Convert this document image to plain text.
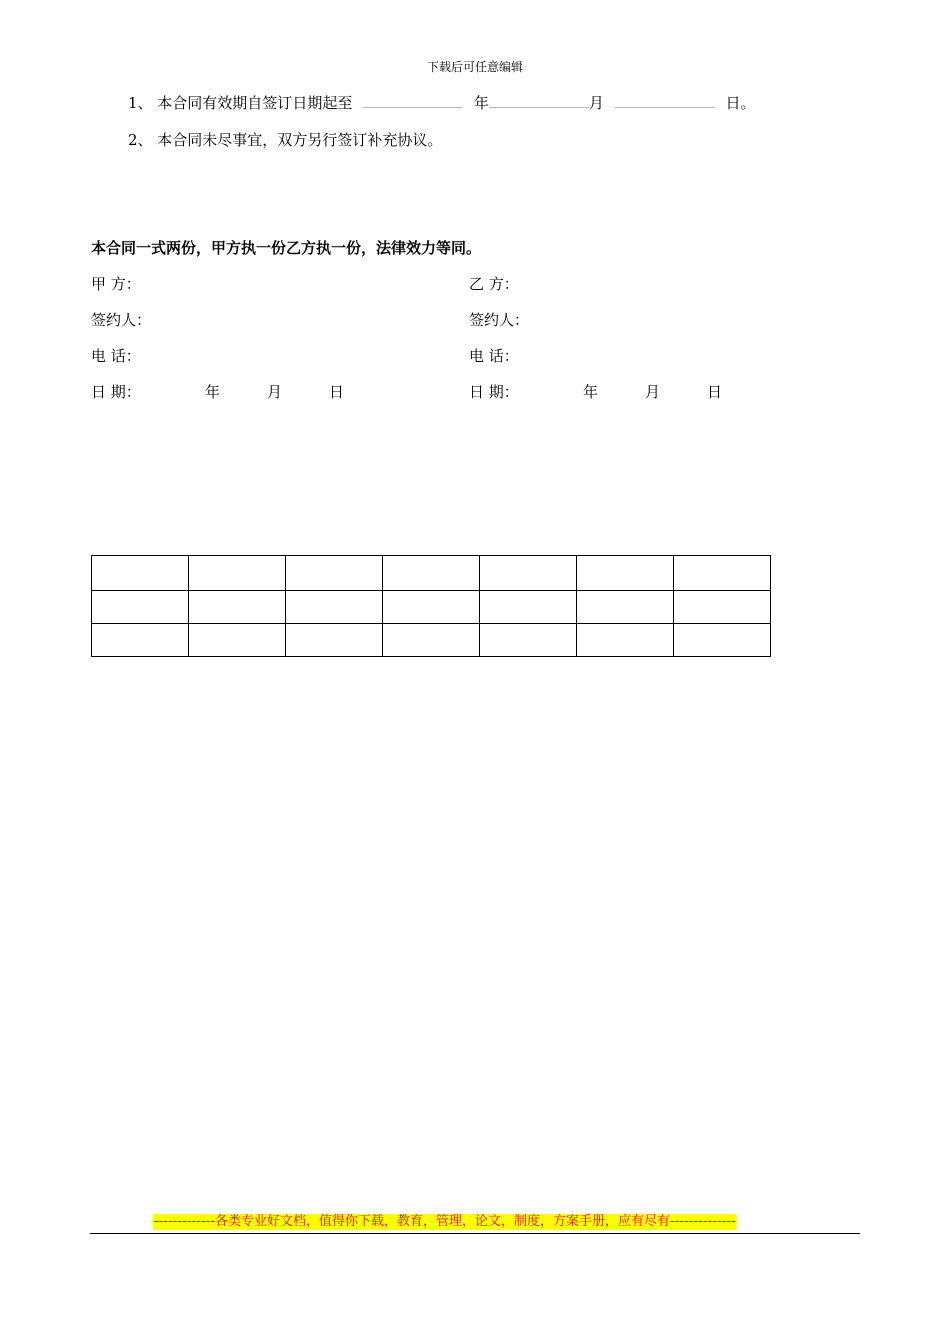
下载后可任意编辑
1、 本合同有效期自签订日期起至	年	月	日。
2、 本合同未尽事宜，双方另行签订补充协议。
本合同一式两份，甲方执一份乙方执一份，法律效力等同。
甲 方：
签约人：
电 话：
日 期：	年	月	日
乙 方：
签约人：
电 话：
日 期：	年	月	日

-------------各类专业好文档，值得你下载，教育，管理，论文，制度，方案手册，应有尽有--------------
